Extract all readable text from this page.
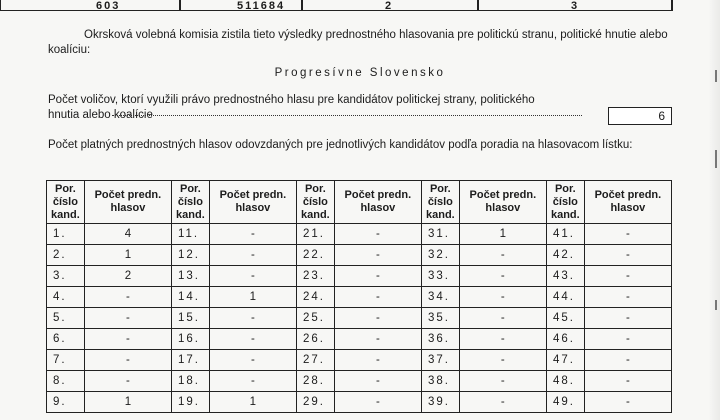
603	511684	2	3
Okrsková volebná komisia zistila tieto výsledky prednostného hlasovania pre politickú stranu, politické hnutie alebo koalíciu:
Progresívne Slovensko
Počet voličov, ktorí využili právo prednostného hlasu pre kandidátov politickej strany, politického hnutia alebo koalície	6
Počet platných prednostných hlasov odovzdaných pre jednotlivých kandidátov podľa poradia na hlasovacom lístku:
Por. číslo kand.	Počet predn. hlasov	Por. číslo kand.	Počet predn. hlasov	Por. číslo kand.	Počet predn. hlasov	Por. číslo kand.	Počet predn. hlasov	Por. číslo kand.	Počet predn. hlasov
1.	4	11.	-	21.	-	31.	1	41.	-
2.	1	12.	-	22.	-	32.	-	42.	-
3.	2	13.	-	23.	-	33.	-	43.	-
4.	-	14.	1	24.	-	34.	-	44.	-
5.	-	15.	-	25.	-	35.	-	45.	-
6.	-	16.	-	26.	-	36.	-	46.	-
7.	-	17.	-	27.	-	37.	-	47.	-
8.	-	18.	-	28.	-	38.	-	48.	-
9.	1	19.	1	29.	-	39.	-	49.	-
